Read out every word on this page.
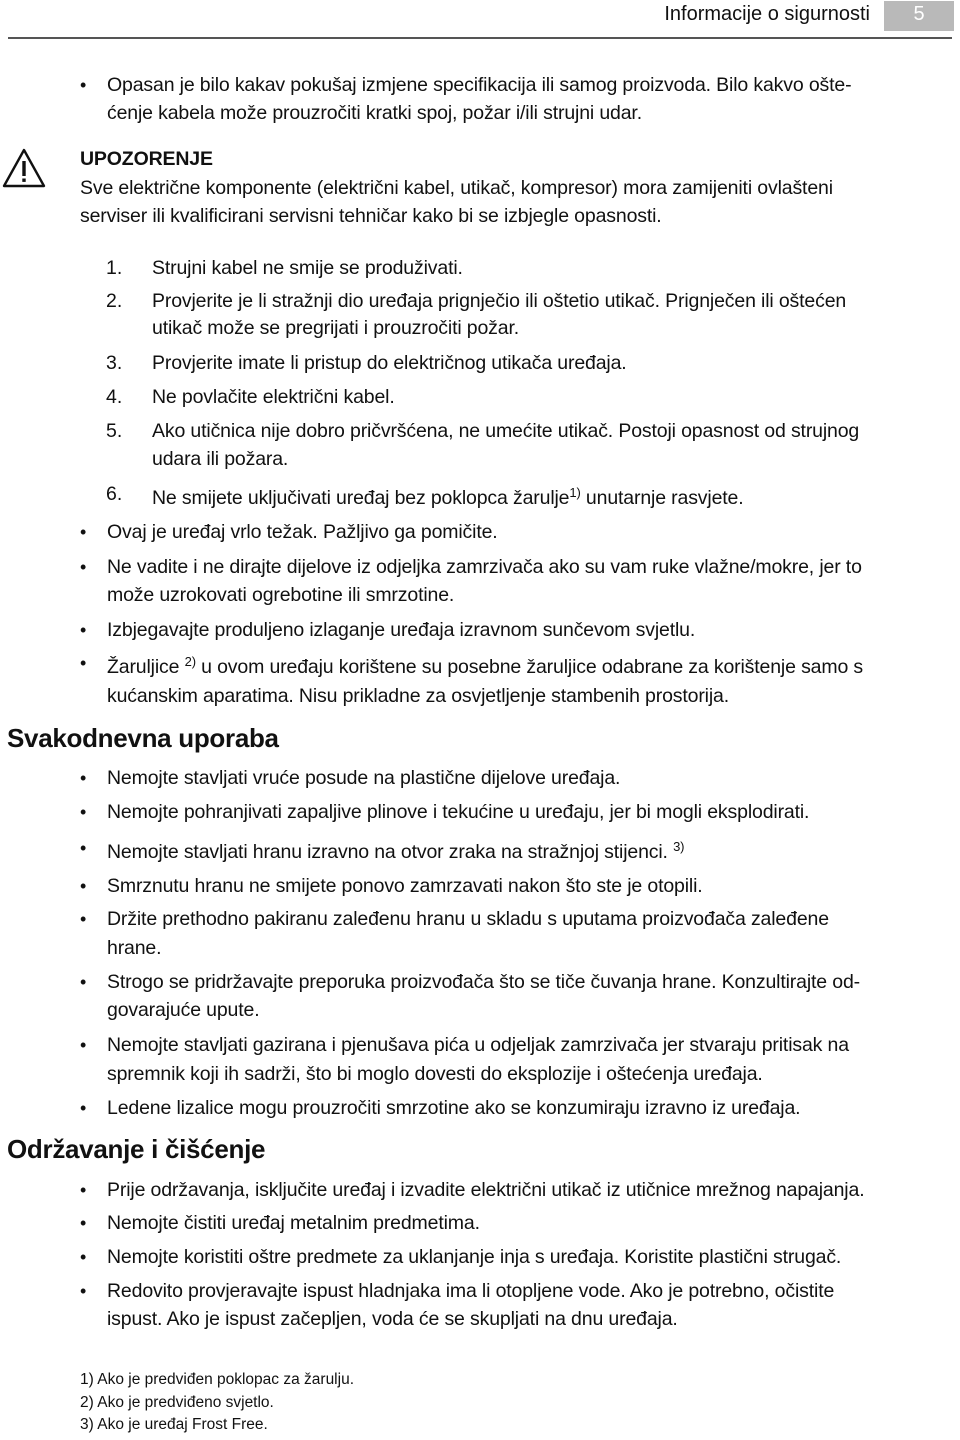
Informacije o sigurnosti	5
• Opasan je bilo kakav pokušaj izmjene specifikacija ili samog proizvoda. Bilo kakvo ošte-
ćenje kabela može prouzročiti kratki spoj, požar i/ili strujni udar.
UPOZORENJE
Sve električne komponente (električni kabel, utikač, kompresor) mora zamijeniti ovlašteni
serviser ili kvalificirani servisni tehničar kako bi se izbjegle opasnosti.
1. Strujni kabel ne smije se produživati.
2. Provjerite je li stražnji dio uređaja prignječio ili oštetio utikač. Prignječen ili oštećen
utikač može se pregrijati i prouzročiti požar.
3. Provjerite imate li pristup do električnog utikača uređaja.
4. Ne povlačite električni kabel.
5. Ako utičnica nije dobro pričvršćena, ne umećite utikač. Postoji opasnost od strujnog
udara ili požara.
6. Ne smijete uključivati uređaj bez poklopca žarulje$^{1)}$ unutarnje rasvjete.
• Ovaj je uređaj vrlo težak. Pažljivo ga pomičite.
• Ne vadite i ne dirajte dijelove iz odjeljka zamrzivača ako su vam ruke vlažne/mokre, jer to
može uzrokovati ogrebotine ili smrzotine.
• Izbjegavajte produljeno izlaganje uređaja izravnom sunčevom svjetlu.
• Žaruljice $^{2)}$ u ovom uređaju korištene su posebne žaruljice odabrane za korištenje samo s
kućanskim aparatima. Nisu prikladne za osvjetljenje stambenih prostorija.
Svakodnevna uporaba
• Nemojte stavljati vruće posude na plastične dijelove uređaja.
• Nemojte pohranjivati zapaljive plinove i tekućine u uređaju, jer bi mogli eksplodirati.
• Nemojte stavljati hranu izravno na otvor zraka na stražnjoj stijenci. $^{3)}$
• Smrznutu hranu ne smijete ponovo zamrzavati nakon što ste je otopili.
• Držite prethodno pakiranu zaleđenu hranu u skladu s uputama proizvođača zaleđene
hrane.
• Strogo se pridržavajte preporuka proizvođača što se tiče čuvanja hrane. Konzultirajte od-
govarajuće upute.
• Nemojte stavljati gazirana i pjenušava pića u odjeljak zamrzivača jer stvaraju pritisak na
spremnik koji ih sadrži, što bi moglo dovesti do eksplozije i oštećenja uređaja.
• Ledene lizalice mogu prouzročiti smrzotine ako se konzumiraju izravno iz uređaja.
Održavanje i čišćenje
• Prije održavanja, isključite uređaj i izvadite električni utikač iz utičnice mrežnog napajanja.
• Nemojte čistiti uređaj metalnim predmetima.
• Nemojte koristiti oštre predmete za uklanjanje inja s uređaja. Koristite plastični strugač.
• Redovito provjeravajte ispust hladnjaka ima li otopljene vode. Ako je potrebno, očistite
ispust. Ako je ispust začepljen, voda će se skupljati na dnu uređaja.
1) Ako je predviđen poklopac za žarulju.
2) Ako je predviđeno svjetlo.
3) Ako je uređaj Frost Free.
